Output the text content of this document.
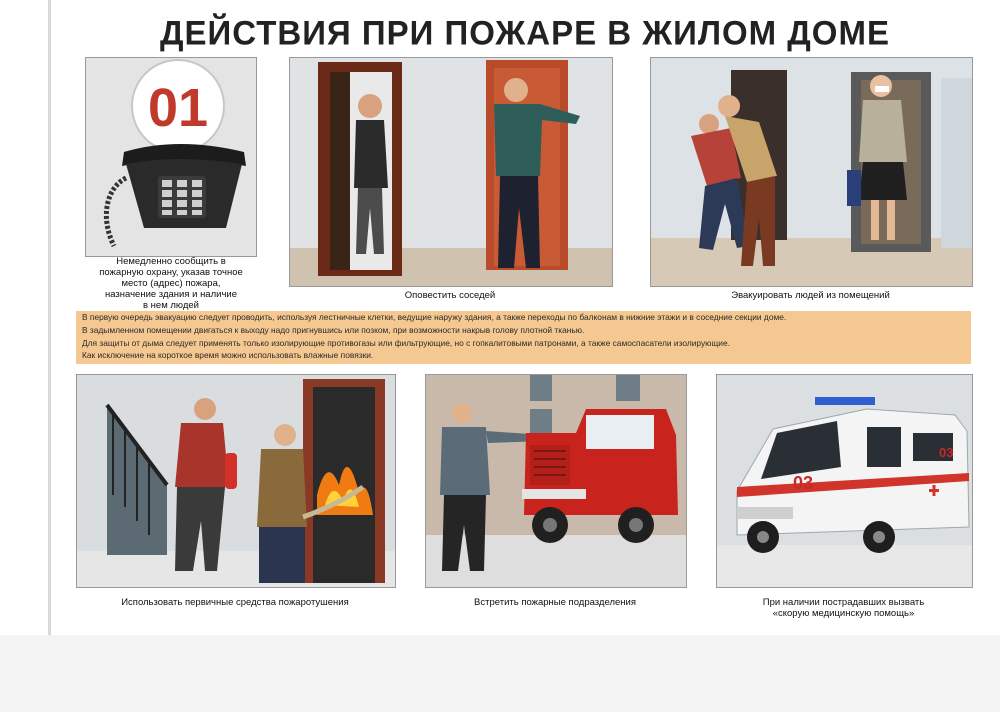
ДЕЙСТВИЯ ПРИ ПОЖАРЕ В ЖИЛОМ ДОМЕ
01
Немедленно сообщить в
пожарную охрану, указав точное
место (адрес) пожара,
назначение здания и наличие
в нем людей
Оповестить соседей	Эвакуировать людей из помещений
В первую очередь эвакуацию следует проводить, используя лестничные клетки, ведущие наружу здания, а также переходы по балконам в нижние этажи и в соседние секции доме.
В задымленном помещении двигаться к выходу надо пригнувшись или позком, при возможности накрыв голову плотной тканью.
Для защиты от дыма следует применять только изолирующие противогазы или фильтрующие, но с гопкалитовыми патронами, а также самоспасатели изолирующие.
Как исключение на короткое время можно использовать влажные повязки.
Использовать первичные средства пожаротушения	Встретить пожарные подразделения
03
03
При наличии пострадавших вызвать
«скорую медицинскую помощь»
